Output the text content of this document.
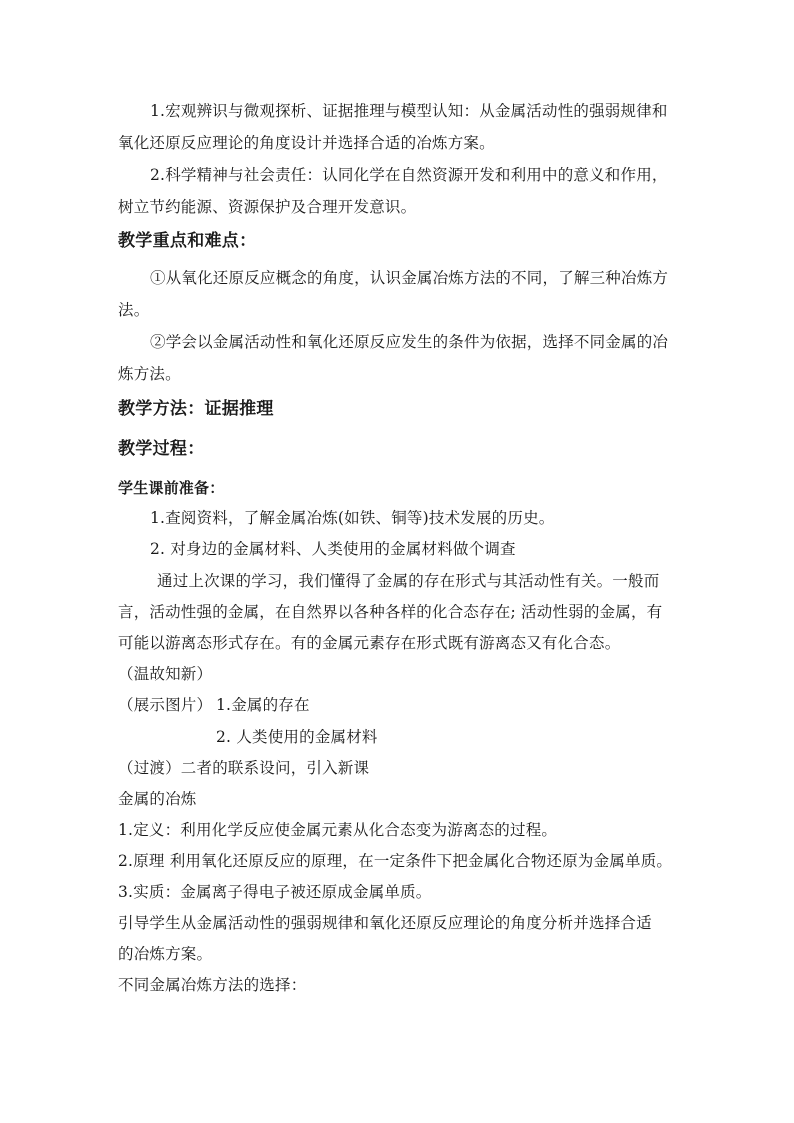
1.宏观辨识与微观探析、证据推理与模型认知：从金属活动性的强弱规律和
氧化还原反应理论的角度设计并选择合适的冶炼方案。
2.科学精神与社会责任：认同化学在自然资源开发和利用中的意义和作用，
树立节约能源、资源保护及合理开发意识。
教学重点和难点：
①从氧化还原反应概念的角度，认识金属冶炼方法的不同，了解三种冶炼方
法。
②学会以金属活动性和氧化还原反应发生的条件为依据，选择不同金属的冶
炼方法。
教学方法：证据推理
教学过程：
学生课前准备：
1.查阅资料，了解金属冶炼(如铁、铜等)技术发展的历史。
2. 对身边的金属材料、人类使用的金属材料做个调查
通过上次课的学习，我们懂得了金属的存在形式与其活动性有关。一般而
言，活动性强的金属，在自然界以各种各样的化合态存在; 活动性弱的金属，有
可能以游离态形式存在。有的金属元素存在形式既有游离态又有化合态。
（温故知新）
（展示图片） 1.金属的存在
2. 人类使用的金属材料
（过渡）二者的联系设问，引入新课
金属的冶炼
1.定义：利用化学反应使金属元素从化合态变为游离态的过程。
2.原理 利用氧化还原反应的原理，在一定条件下把金属化合物还原为金属单质。
3.实质：金属离子得电子被还原成金属单质。
引导学生从金属活动性的强弱规律和氧化还原反应理论的角度分析并选择合适
的冶炼方案。
不同金属冶炼方法的选择：
